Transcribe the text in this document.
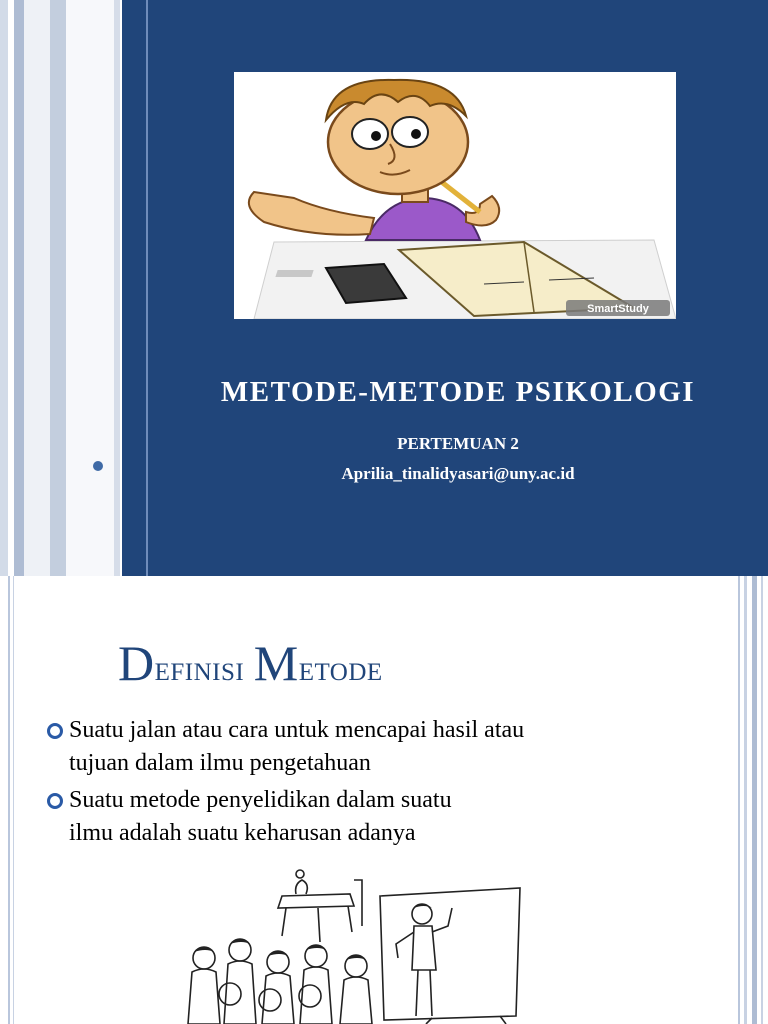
SmartStudy
METODE-METODE PSIKOLOGI
PERTEMUAN 2
Aprilia_tinalidyasari@uny.ac.id
Definisi Metode
Suatu jalan atau cara untuk mencapai hasil atau
tujuan dalam ilmu pengetahuan
Suatu metode penyelidikan dalam suatu
ilmu adalah suatu keharusan adanya
